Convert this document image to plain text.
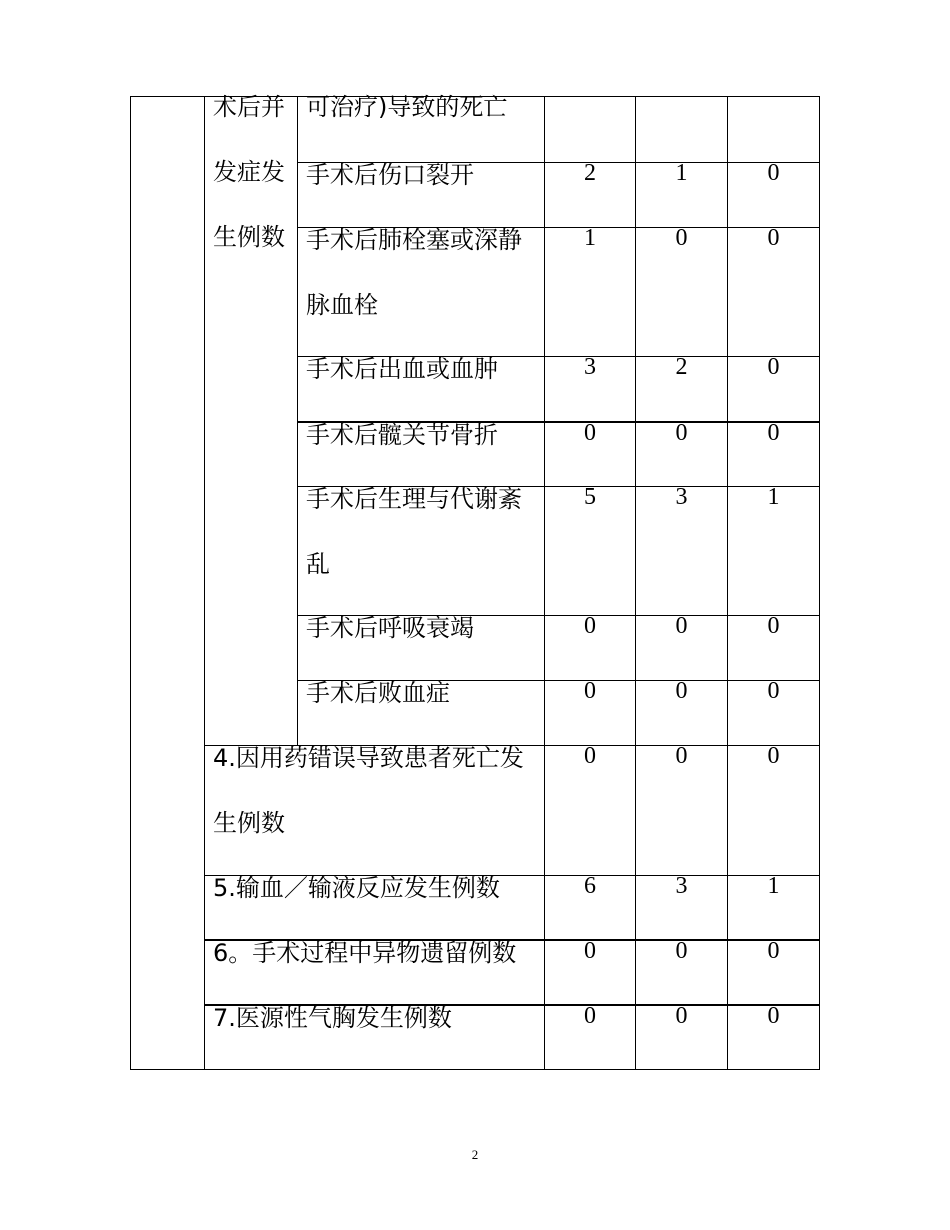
	术后并发症发生例数	可治疗)导致的死亡			

		手术后伤口裂开	2	1	0

		手术后肺栓塞或深静脉血栓	1	0	0

		手术后出血或血肿	3	2	0

		手术后髋关节骨折	0	0	0

		手术后生理与代谢紊乱	5	3	1

		手术后呼吸衰竭	0	0	0

		手术后败血症	0	0	0

	4.因用药错误导致患者死亡发生例数		0	0	0

	5.输血／输液反应发生例数		6	3	1

	6。手术过程中异物遗留例数		0	0	0

	7.医源性气胸发生例数		0	0	0
2
